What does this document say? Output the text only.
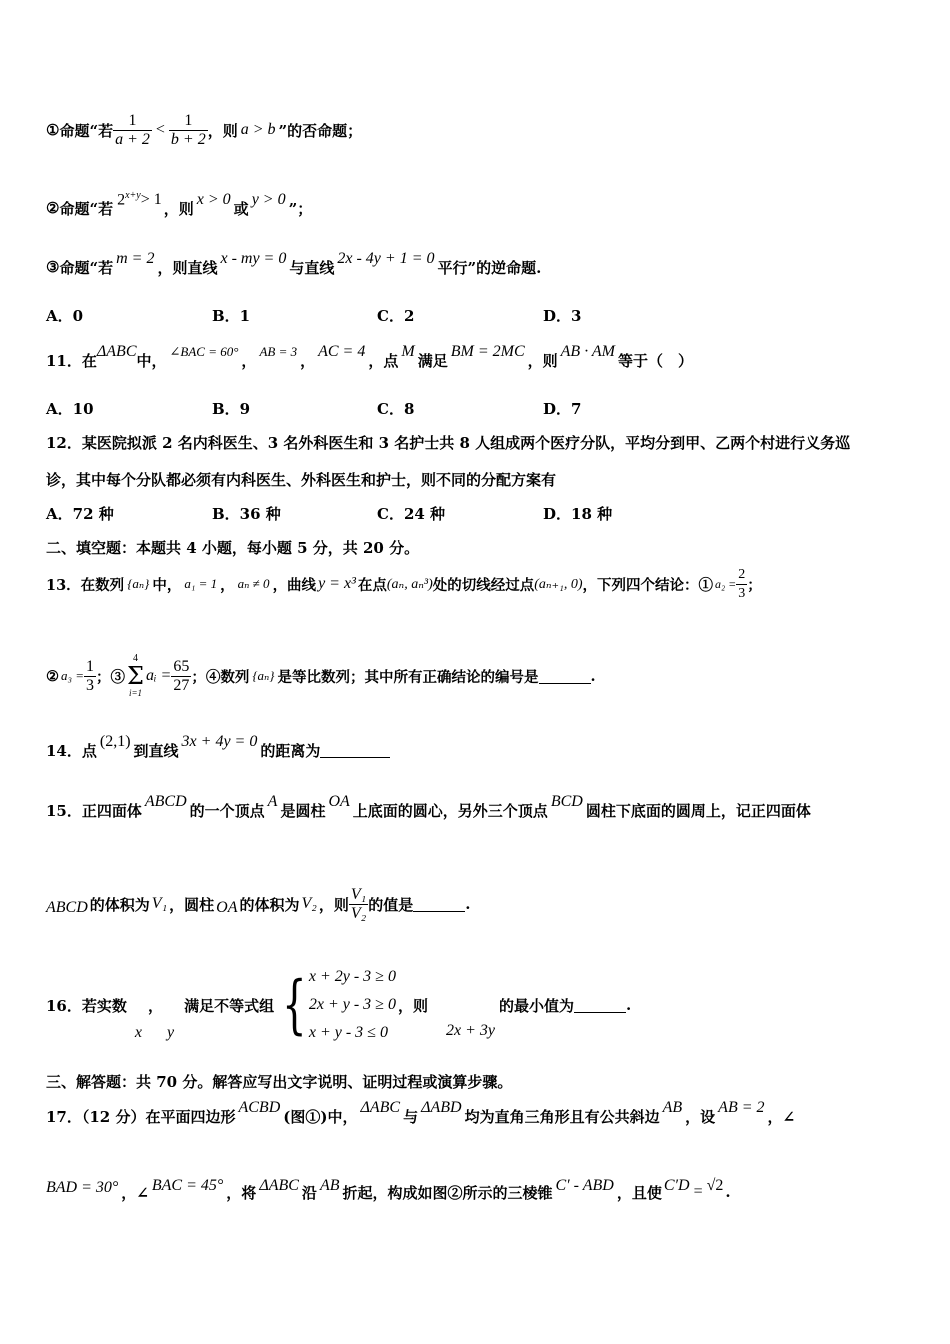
① 命题“若 $\frac{1}{a + 2} < \frac{1}{b + 2}$ ，则 a > b ”的否命题；
② 命题“若 $2^{x+y} > 1$ ，则 x > 0 或 y > 0 ”；
③ 命题“若 m = 2 ，则直线 x - my = 0 与直线 2x - 4y + 1 = 0 平行”的逆命题.
A．0	B．1	C．2	D．3
11．在 ΔABC 中， ∠BAC = 60° ， AB = 3 ， AC = 4 ，点 M 满足 BM = 2MC ，则 AB · AM 等于（　）
A．10	B．9	C．8	D．7
12．某医院拟派 2 名内科医生、3 名外科医生和 3 名护士共 8 人组成两个医疗分队，平均分到甲、乙两个村进行义务巡
诊，其中每个分队都必须有内科医生、外科医生和护士，则不同的分配方案有
A．72 种	B．36 种	C．24 种	D．18 种
二、填空题：本题共 4 小题，每小题 5 分，共 20 分。
13．在数列 {aₙ} 中， a₁ = 1 ， aₙ ≠ 0 ，曲线 y = x³ 在点 (aₙ, aₙ³) 处的切线经过点 (aₙ₊₁, 0) ，下列四个结论：① $a_2 = \frac{2}{3}$ ；
② $a_3 = \frac{1}{3}$ ；③
4
Σ
i=1
aᵢ = $\frac{65}{27}$ ；④数列 {aₙ} 是等比数列；其中所有正确结论的编号是	.
14．点 (2,1) 到直线 3x + 4y = 0 的距离为
15．正四面体 ABCD 的一个顶点 A 是圆柱 OA 上底面的圆心，另外三个顶点 BCD 圆柱下底面的圆周上，记正四面体
ABCD 的体积为 V₁ ，圆柱 OA 的体积为 V₂ ，则 $\frac{\text{V₁}}{\text{V₂}}$ 的值是	.
16．若实数
x
，
y
满足不等式组 { x + 2y - 3 ≥ 0
2x + y - 3 ≥ 0
x + y - 3 ≤ 0
，则
2x + 3y
的最小值为	.
三、解答题：共 70 分。解答应写出文字说明、证明过程或演算步骤。
17．（12 分）在平面四边形 ACBD (图①)中， ΔABC 与 ΔABD 均为直角三角形且有公共斜边 AB ，设 AB = 2 ，∠
BAD = 30° ，∠ BAC = 45° ，将 ΔABC 沿 AB 折起，构成如图②所示的三棱锥 C′ - ABD ，且使 C′D = √2 .
